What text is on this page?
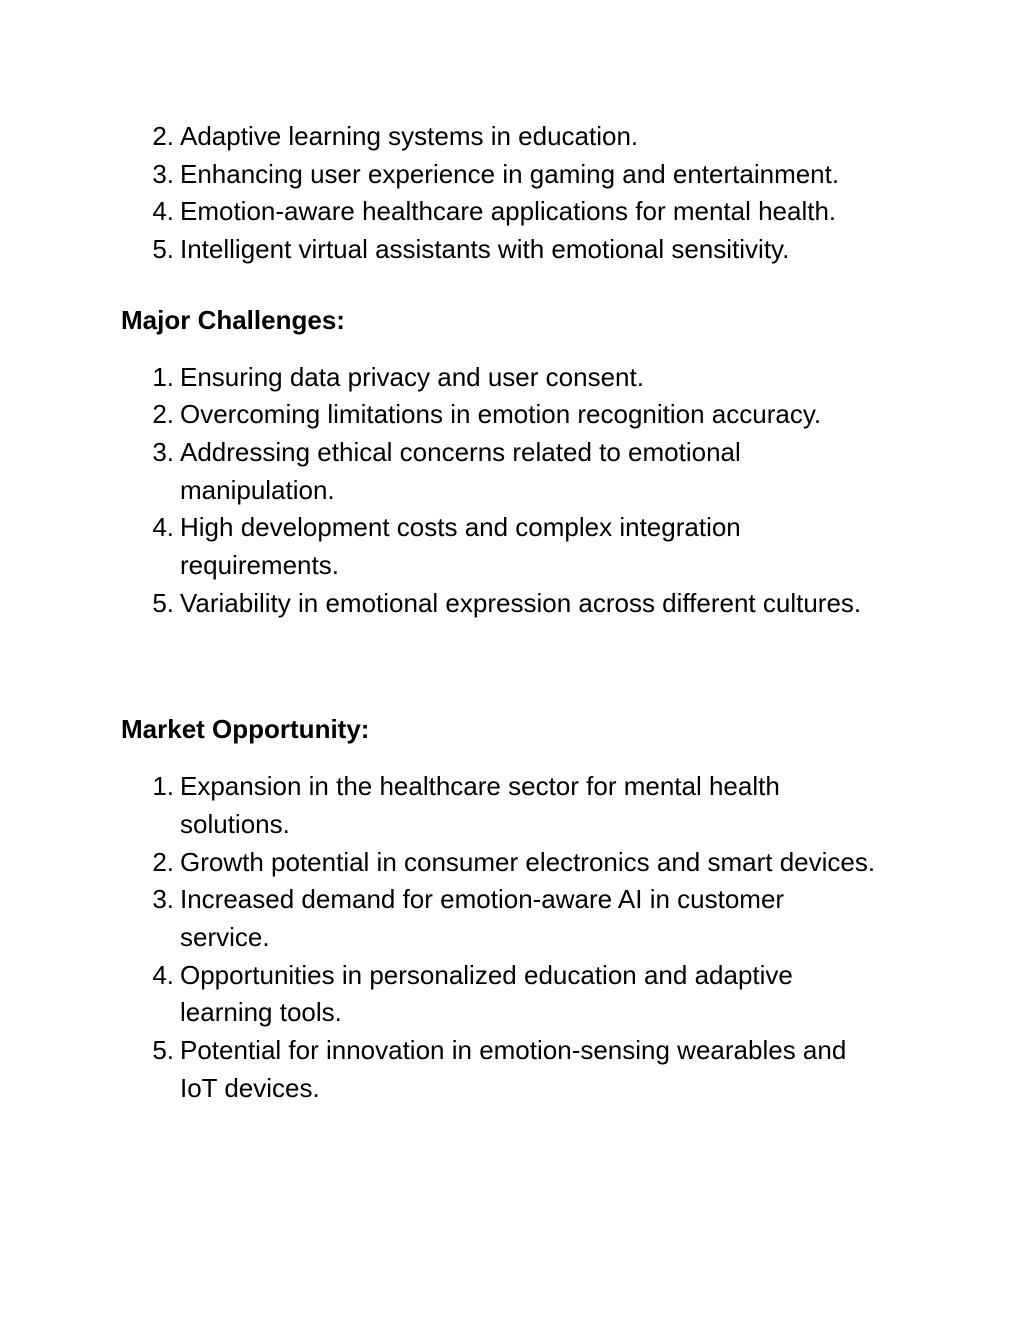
2. Adaptive learning systems in education.
3. Enhancing user experience in gaming and entertainment.
4. Emotion-aware healthcare applications for mental health.
5. Intelligent virtual assistants with emotional sensitivity.
Major Challenges:
1. Ensuring data privacy and user consent.
2. Overcoming limitations in emotion recognition accuracy.
3. Addressing ethical concerns related to emotional manipulation.
4. High development costs and complex integration requirements.
5. Variability in emotional expression across different cultures.
Market Opportunity:
1. Expansion in the healthcare sector for mental health solutions.
2. Growth potential in consumer electronics and smart devices.
3. Increased demand for emotion-aware AI in customer service.
4. Opportunities in personalized education and adaptive learning tools.
5. Potential for innovation in emotion-sensing wearables and IoT devices.
